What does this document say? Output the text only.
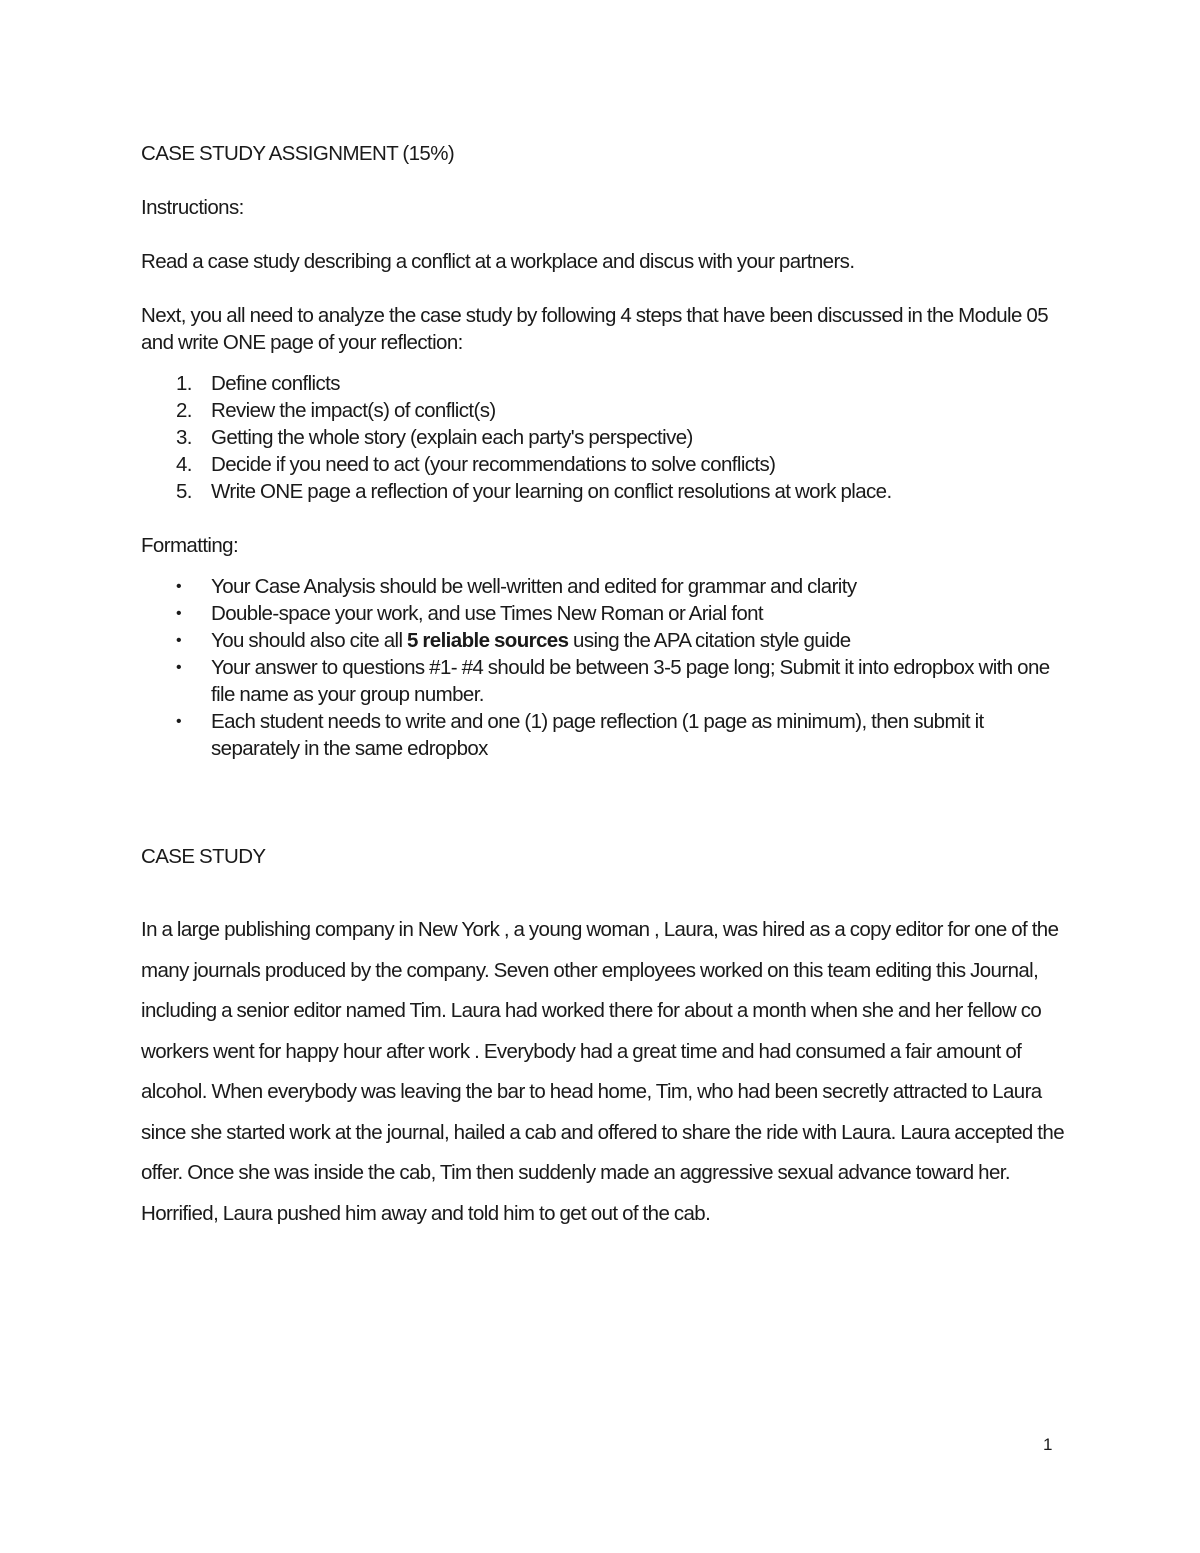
CASE STUDY ASSIGNMENT (15%)

Instructions:

Read a case study describing a conflict at a workplace and discus with your partners.

Next, you all need to analyze the case study by following 4 steps that have been discussed in the Module 05 and write ONE page of your reflection:

1. Define conflicts
2. Review the impact(s) of conflict(s)
3. Getting the whole story (explain each party's perspective)
4. Decide if you need to act (your recommendations to solve conflicts)
5. Write ONE page a reflection of your learning on conflict resolutions at work place.

Formatting:

• Your Case Analysis should be well-written and edited for grammar and clarity
• Double-space your work, and use Times New Roman or Arial font
• You should also cite all 5 reliable sources using the APA citation style guide
• Your answer to questions #1- #4 should be between 3-5 page long; Submit it into edropbox with one file name as your group number.
• Each student needs to write and one (1) page reflection (1 page as minimum), then submit it separately in the same edropbox

CASE STUDY

In a large publishing company in New York , a young woman , Laura, was hired as a copy editor for one of the many journals produced by the company. Seven other employees worked on this team editing this Journal, including a senior editor named Tim. Laura had worked there for about a month when she and her fellow co workers went for happy hour after work . Everybody had a great time and had consumed a fair amount of alcohol. When everybody was leaving the bar to head home, Tim, who had been secretly attracted to Laura since she started work at the journal, hailed a cab and offered to share the ride with Laura. Laura accepted the offer. Once she was inside the cab, Tim then suddenly made an aggressive sexual advance toward her. Horrified, Laura pushed him away and told him to get out of the cab.

1
